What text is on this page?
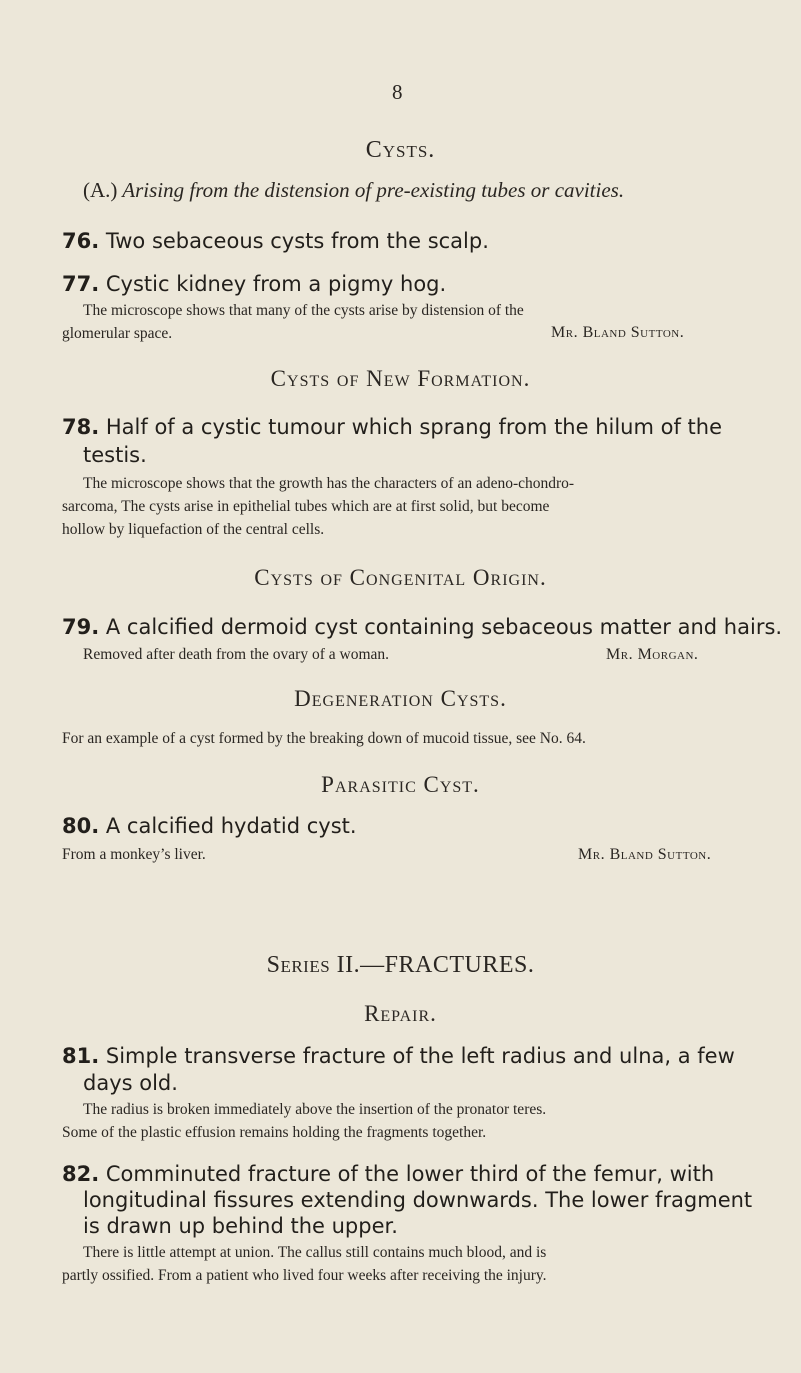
8
Cysts.
(A.) Arising from the distension of pre-existing tubes or cavities.
76. Two sebaceous cysts from the scalp.
77. Cystic kidney from a pigmy hog.
The microscope shows that many of the cysts arise by distension of the
glomerular space.	Mr. Bland Sutton.
Cysts of New Formation.
78. Half of a cystic tumour which sprang from the hilum of the
testis.
The microscope shows that the growth has the characters of an adeno-chondro-
sarcoma, The cysts arise in epithelial tubes which are at first solid, but become
hollow by liquefaction of the central cells.
Cysts of Congenital Origin.
79. A calcified dermoid cyst containing sebaceous matter and hairs.
Removed after death from the ovary of a woman.	Mr. Morgan.
Degeneration Cysts.
For an example of a cyst formed by the breaking down of mucoid tissue, see No. 64.
Parasitic Cyst.
80. A calcified hydatid cyst.
From a monkey’s liver.	Mr. Bland Sutton.
Series II.—FRACTURES.
Repair.
81. Simple transverse fracture of the left radius and ulna, a few
days old.
The radius is broken immediately above the insertion of the pronator teres.
Some of the plastic effusion remains holding the fragments together.
82. Comminuted fracture of the lower third of the femur, with
longitudinal fissures extending downwards. The lower fragment
is drawn up behind the upper.
There is little attempt at union. The callus still contains much blood, and is
partly ossified. From a patient who lived four weeks after receiving the injury.
